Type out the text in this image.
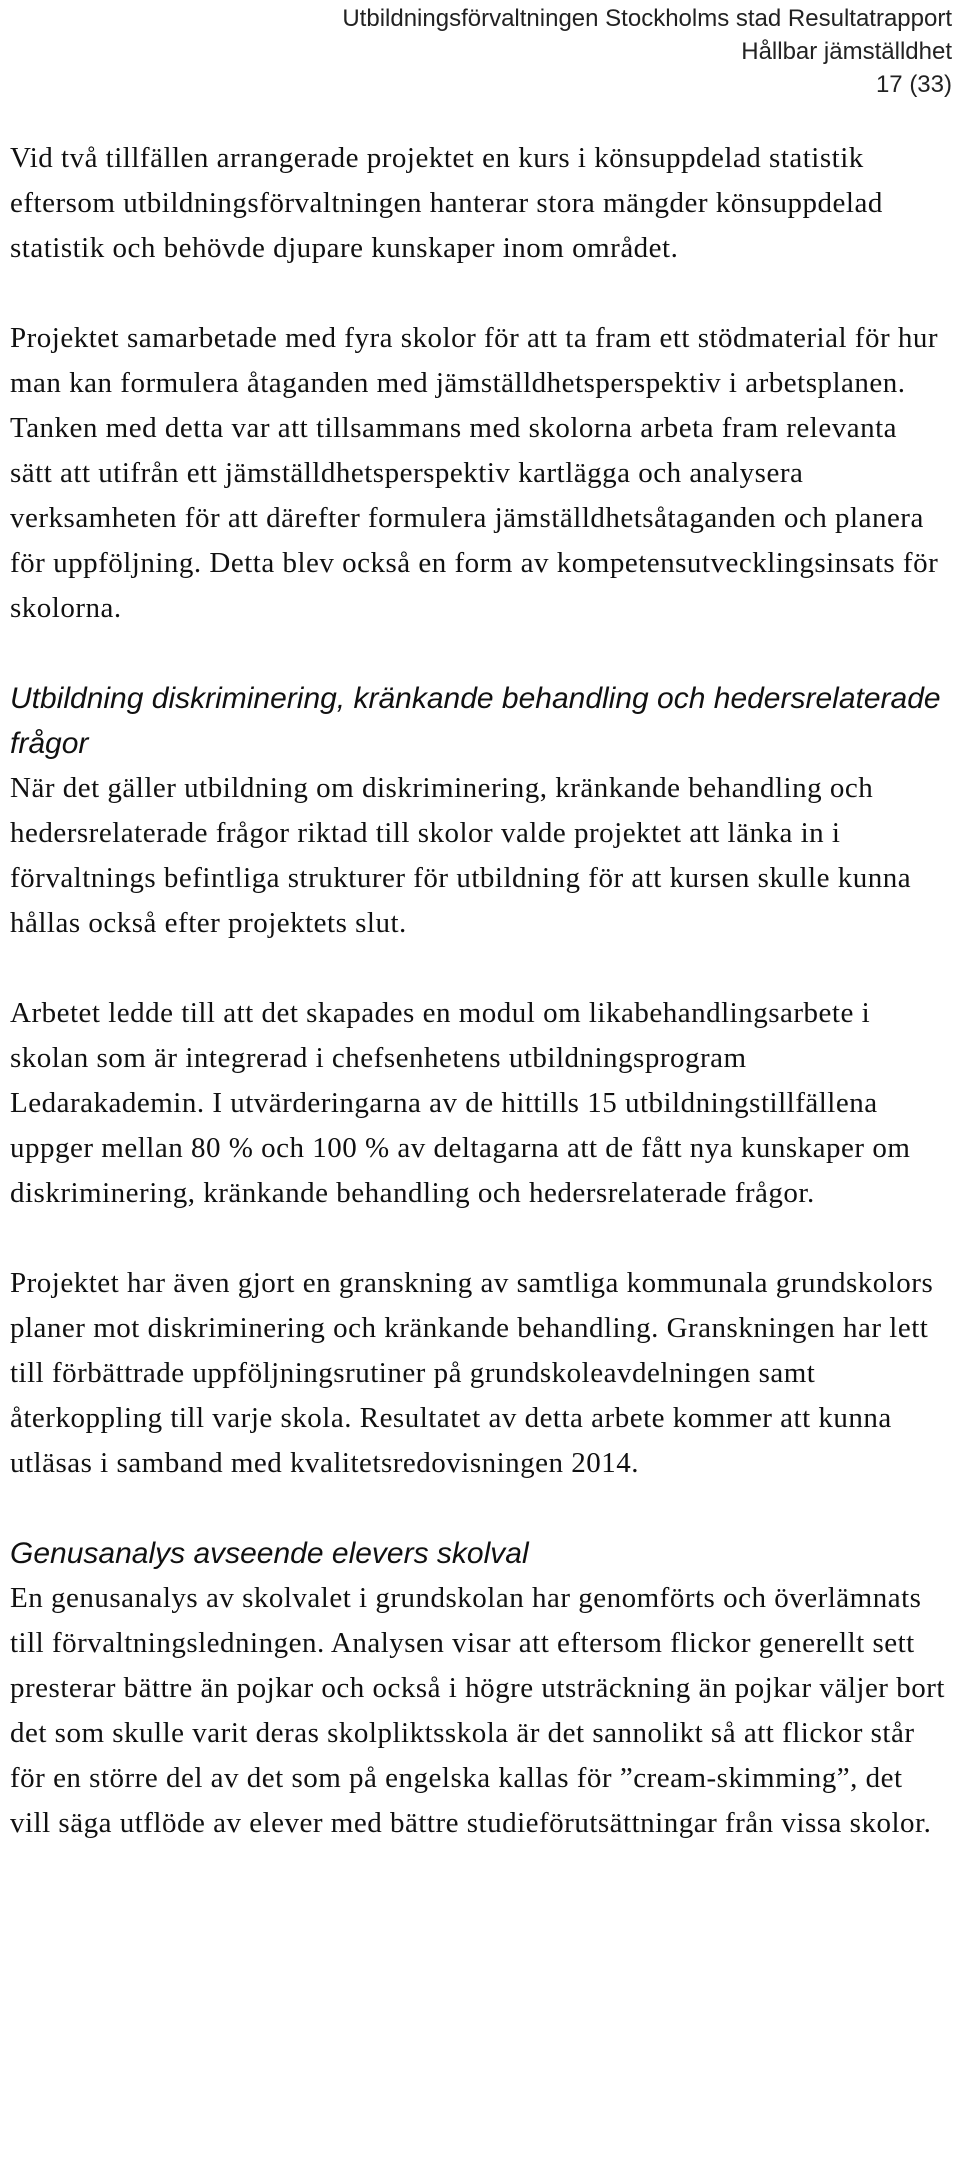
Utbildningsförvaltningen Stockholms stad Resultatrapport
Hållbar jämställdhet
17 (33)

Vid två tillfällen arrangerade projektet en kurs i könsuppdelad statistik eftersom utbildningsförvaltningen hanterar stora mängder könsuppdelad statistik och behövde djupare kunskaper inom området.

Projektet samarbetade med fyra skolor för att ta fram ett stödmaterial för hur man kan formulera åtaganden med jämställdhetsperspektiv i arbetsplanen. Tanken med detta var att tillsammans med skolorna arbeta fram relevanta sätt att utifrån ett jämställdhetsperspektiv kartlägga och analysera verksamheten för att därefter formulera jämställdhetsåtaganden och planera för uppföljning. Detta blev också en form av kompetensutvecklingsinsats för skolorna.

Utbildning diskriminering, kränkande behandling och hedersrelaterade frågor

När det gäller utbildning om diskriminering, kränkande behandling och hedersrelaterade frågor riktad till skolor valde projektet att länka in i förvaltnings befintliga strukturer för utbildning för att kursen skulle kunna hållas också efter projektets slut.

Arbetet ledde till att det skapades en modul om likabehandlingsarbete i skolan som är integrerad i chefsenhetens utbildningsprogram Ledarakademin. I utvärderingarna av de hittills 15 utbildningstillfällena uppger mellan 80 % och 100 % av deltagarna att de fått nya kunskaper om diskriminering, kränkande behandling och hedersrelaterade frågor.

Projektet har även gjort en granskning av samtliga kommunala grundskolors planer mot diskriminering och kränkande behandling. Granskningen har lett till förbättrade uppföljningsrutiner på grundskoleavdelningen samt återkoppling till varje skola. Resultatet av detta arbete kommer att kunna utläsas i samband med kvalitetsredovisningen 2014.

Genusanalys avseende elevers skolval

En genusanalys av skolvalet i grundskolan har genomförts och överlämnats till förvaltningsledningen. Analysen visar att eftersom flickor generellt sett presterar bättre än pojkar och också i högre utsträckning än pojkar väljer bort det som skulle varit deras skolpliktsskola är det sannolikt så att flickor står för en större del av det som på engelska kallas för ”cream-skimming”, det vill säga utflöde av elever med bättre studieförutsättningar från vissa skolor.
